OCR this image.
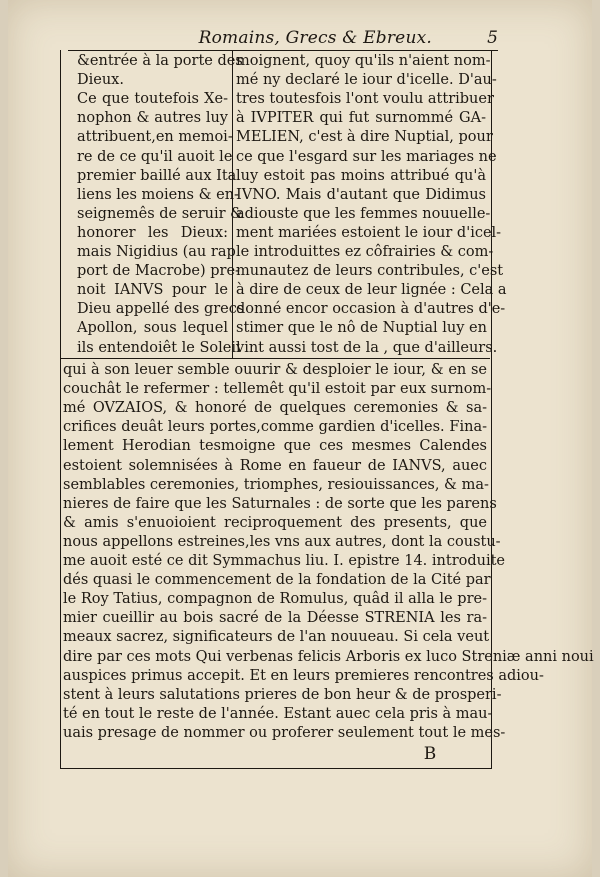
Romains, Grecs & Ebreux.	5
&entrée à la porte des
Dieux.
Ce que toutefois Xe-
nophon & autres luy
attribuent,en memoi-
re de ce qu'il auoit le
premier baillé aux Ita
liens les moiens & en-
seignemês de seruir &
honorer les Dieux:
mais Nigidius (au rap
port de Macrobe) pre-
noit IANVS pour le
Dieu appellé des grecs
Apollon, sous lequel
ils entendoiêt le Soleil
moignent, quoy qu'ils n'aient nom-
mé ny declaré le iour d'icelle. D'au-
tres toutesfois l'ont voulu attribuer
à IVPITER qui fut surnommé GA-
MELIEN, c'est à dire Nuptial, pour
ce que l'esgard sur les mariages ne
luy estoit pas moins attribué qu'à
IVNO. Mais d'autant que Didimus
adiouste que les femmes nouuelle-
ment mariées estoient le iour d'icel-
le introduittes ez côfrairies & com-
munautez de leurs contribules, c'est
à dire de ceux de leur lignée : Cela a
donné encor occasion à d'autres d'e-
stimer que le nô de Nuptial luy en
vint aussi tost de la , que d'ailleurs.
qui à son leuer semble ouurir & desploier le iour, & en se
couchât le refermer : tellemêt qu'il estoit par eux surnom-
mé OVZAIOS, & honoré de quelques ceremonies & sa-
crifices deuât leurs portes,comme gardien d'icelles. Fina-
lement Herodian tesmoigne que ces mesmes Calendes
estoient solemnisées à Rome en faueur de IANVS, auec
semblables ceremonies, triomphes, resiouissances, & ma-
nieres de faire que les Saturnales : de sorte que les parens
& amis s'enuoioient reciproquement des presents, que
nous appellons estreines,les vns aux autres, dont la coustu-
me auoit esté ce dit Symmachus liu. I. epistre 14. introduite
dés quasi le commencement de la fondation de la Cité par
le Roy Tatius, compagnon de Romulus, quâd il alla le pre-
mier cueillir au bois sacré de la Déesse STRENIA les ra-
meaux sacrez, significateurs de l'an nouueau. Si cela veut
dire par ces mots Qui verbenas felicis Arboris ex luco Streniæ anni noui
auspices primus accepit. Et en leurs premieres rencontres adiou-
stent à leurs salutations prieres de bon heur & de prosperi-
té en tout le reste de l'année. Estant auec cela pris à mau-
uais presage de nommer ou proferer seulement tout le mes-
B
